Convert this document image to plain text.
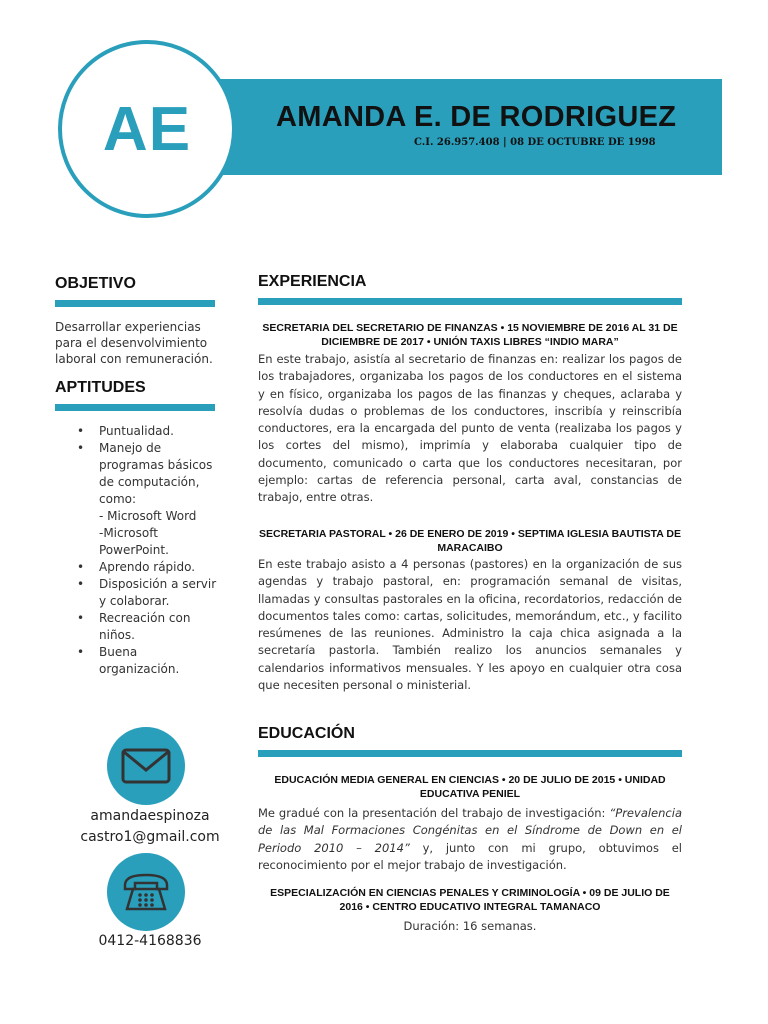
AE	AMANDA E. DE RODRIGUEZ
C.I. 26.957.408 | 08 DE OCTUBRE DE 1998
OBJETIVO
Desarrollar experiencias para el desenvolvimiento laboral con remuneración.
APTITUDES
• Puntualidad.
• Manejo de programas básicos de computación, como:
- Microsoft Word
-Microsoft PowerPoint.
• Aprendo rápido.
• Disposición a servir y colaborar.
• Recreación con niños.
• Buena organización.
amandaespinoza
castro1@gmail.com
0412-4168836
EXPERIENCIA
SECRETARIA DEL SECRETARIO DE FINANZAS • 15 NOVIEMBRE DE 2016 AL 31 DE DICIEMBRE DE 2017 • UNIÓN TAXIS LIBRES “INDIO MARA”
En este trabajo, asistía al secretario de finanzas en: realizar los pagos de los trabajadores, organizaba los pagos de los conductores en el sistema y en físico, organizaba los pagos de las finanzas y cheques, aclaraba y resolvía dudas o problemas de los conductores, inscribía y reinscribía conductores, era la encargada del punto de venta (realizaba los pagos y los cortes del mismo), imprimía y elaboraba cualquier tipo de documento, comunicado o carta que los conductores necesitaran, por ejemplo: cartas de referencia personal, carta aval, constancias de trabajo, entre otras.
SECRETARIA PASTORAL • 26 DE ENERO DE 2019 • SEPTIMA IGLESIA BAUTISTA DE MARACAIBO
En este trabajo asisto a 4 personas (pastores) en la organización de sus agendas y trabajo pastoral, en: programación semanal de visitas, llamadas y consultas pastorales en la oficina, recordatorios, redacción de documentos tales como: cartas, solicitudes, memorándum, etc., y facilito resúmenes de las reuniones. Administro la caja chica asignada a la secretaría pastorla. También realizo los anuncios semanales y calendarios informativos mensuales. Y les apoyo en cualquier otra cosa que necesiten personal o ministerial.
EDUCACIÓN
EDUCACIÓN MEDIA GENERAL EN CIENCIAS • 20 DE JULIO DE 2015 • UNIDAD EDUCATIVA PENIEL
Me gradué con la presentación del trabajo de investigación: “Prevalencia de las Mal Formaciones Congénitas en el Síndrome de Down en el Periodo 2010 – 2014” y, junto con mi grupo, obtuvimos el reconocimiento por el mejor trabajo de investigación.
ESPECIALIZACIÓN EN CIENCIAS PENALES Y CRIMINOLOGÍA • 09 DE JULIO DE 2016 • CENTRO EDUCATIVO INTEGRAL TAMANACO
Duración: 16 semanas.
